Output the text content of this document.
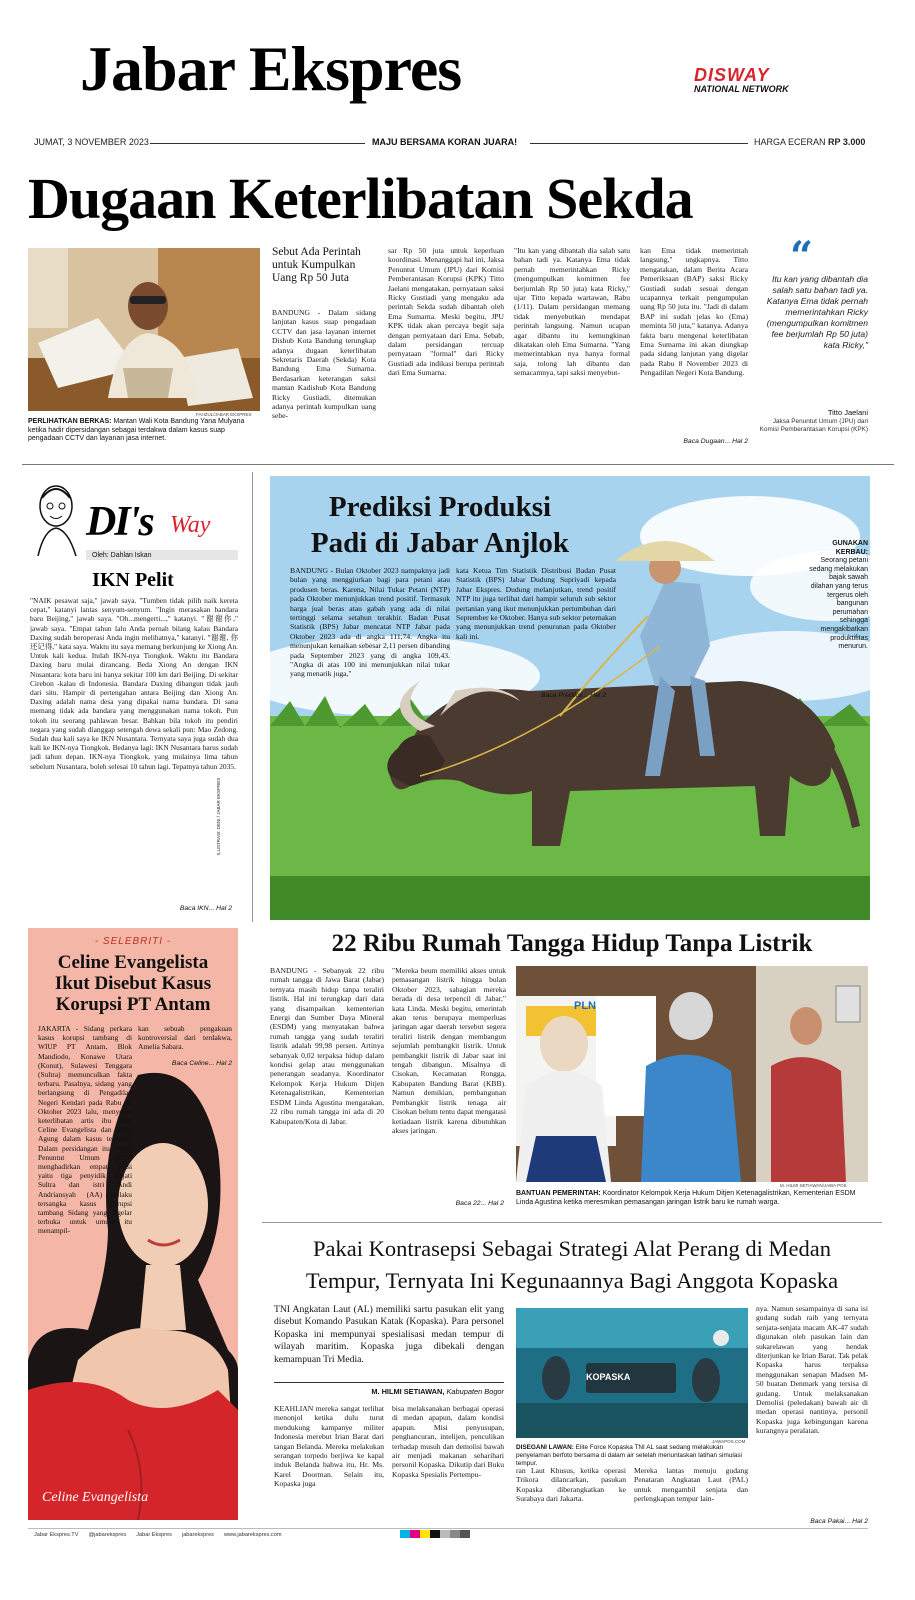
Jabar Ekspres	DISWAY
NATIONAL NETWORK
JUMAT, 3 NOVEMBER 2023	MAJU BERSAMA KORAN JUARA!	HARGA ECERAN RP 3.000
Dugaan Keterlibatan Sekda
FAHZUL/JABAR EKSPRES
PERLIHATKAN BERKAS: Mantan Wali Kota Bandung Yana Mulyana ketika hadir dipersidangan sebagai terdakwa dalam kasus suap pengadaan CCTV dan layanan jasa internet.
Sebut Ada Perintah untuk Kumpulkan Uang Rp 50 Juta
BANDUNG - Dalam sidang lanjutan kasus suap pengadaan CCTV dan jasa layanan internet Dishub Kota Bandung terungkap adanya dugaan keterlibatan Sekretaris Daerah (Sekda) Kota Bandung Ema Sumarna. Berdasarkan keterangan saksi mantan Kadishub Kota Bandung Ricky Gustiadi, ditemukan adanya perintah kumpulkan uang sebe-
sar Rp 50 juta untuk keperluan koordinasi. Menanggapi hal ini, Jaksa Penuntut Umum (JPU) dari Komisi Pemberantasan Korupsi (KPK) Titto Jaelani mengatakan, pernyataan saksi Ricky Gustiadi yang mengaku ada perintah Sekda sudah dibantah oleh Ema Sumarna. Meski begitu, JPU KPK tidak akan percaya begit saja dengan pernyataan dari Ema. Sebab, dalam persidangan tercuap pernyataan "formal" dari Ricky Gustiadi ada indikasi berupa perintah dari Ema Sumarna.
"Itu kan yang dibantah dia salah satu bahan tadi ya. Katanya Ema tidak pernah memerintahkan Ricky (mengumpulkan komitmen fee berjumlah Rp 50 juta) kata Ricky," ujar Titto kepada wartawan, Rabu (1/11). Dalam persidangan memang tidak menyebutkan mendapat perintah langsung. Namun ucapan agar dibantu itu kemungkinan dikatakan oleh Ema Sumarna. "Yang memerintahkan nya hanya formal saja, tolong lah dibantu dan semacamnya, tapi saksi menyebut-
kan Ema tidak memerintah langsung," ungkapnya. Titto mengatakan, dalam Berita Acara Pemeriksaan (BAP) saksi Ricky Gustiadi sudah sesuai dengan ucapannya terkait pengumpulan uang Rp 50 juta itu. "Jadi di dalam BAP ini sudah jelas ko (Ema) meminta 50 juta," katanya. Adanya fakta baru mengenai keterlibatan Ema Sumarna ini akan diungkap pada sidang lanjutan yang digelar pada Rabu 8 November 2023 di Pengadilan Negeri Kota Bandung.
Baca Dugaan... Hal 2
“
Itu kan yang dibantah dia salah satu bahan tadi ya. Katanya Ema tidak pernah memerintahkan Ricky (mengumpulkan komitmen fee berjumlah Rp 50 juta) kata Ricky,"
Titto Jaelani
Jaksa Penuntut Umum (JPU) dari Komisi Pemberantasan Korupsi (KPK)
DI's Way
Oleh: Dahlan Iskan
IKN Pelit
"NAIK pesawat saja," jawab saya. "Tumben tidak pilih naik kereta cepat," katanyi lantas senyum-senyum. "Ingin merasakan bandara baru Beijing," jawab saya. "Oh...mengerti...," katanyi. "谢谢你," jawab saya. "Empat tahun lalu Anda pernah bilang kalau Bandara Daxing sudah beroperasi Anda ingin melihatnya," katanyi. "谢谢, 你还记得," kata saya. Waktu itu saya memang berkunjung ke Xiong An. Untuk kali kedua. Itulah IKN-nya Tiongkok. Waktu itu Bandara Daxing baru mulai dirancang. Beda Xiong An dengan IKN Nusantara: kota baru ini hanya sekitar 100 km dari Beijing. Di sekitar Cirebon -kalau di Indonesia. Bandara Daxing dibangun tidak jauh dari situ. Hampir di pertengahan antara Beijing dan Xiong An. Daxing adalah nama desa yang dipakai nama bandara. Di sana memang tidak ada bandara yang menggunakan nama tokoh. Pun tokoh itu seorang pahlawan besar. Bahkan bila tokoh itu pendiri negara yang sudah dianggap setengah dewa sekali pun: Mao Zedong. Sudah dua kali saya ke IKN Nusantara. Ternyata saya juga sudah dua kali ke IKN-nya Tiongkok. Bedanya lagi: IKN Nusantara harus sudah jadi tahun depan. IKN-nya Tiongkok, yang mulainya lima tahun sebelum Nusantara, boleh selesai 10 tahun lagi. Tepatnya tahun 2035.
Baca IKN... Hal 2
Prediksi Produksi
Padi di Jabar Anjlok
BANDUNG - Bulan Oktober 2023 nampaknya jadi bulan yang menggiurkan bagi para petani atau produsen beras. Karena, Nilai Tukar Petani (NTP) pada Oktober menunjukkan trend positif. Termasuk harga jual beras atau gabah yang ada di nilai tertinggi selama setahun terakhir. Badan Pusat Statistik (BPS) Jabar mencatat NTP Jabar pada Oktober 2023 ada di angka 111,74. Angka itu menunjukan kenaikan sebesar 2,11 persen dibanding pada September 2023 yang di angka 109,43. "Angka di atas 100 ini menunjukkan nilai tukar yang menarik juga,"
kata Ketua Tim Statistik Distribusi Badan Pusat Statistik (BPS) Jabar Dudung Supriyadi kepada Jabar Ekspres. Dudung melanjutkan, trend positif NTP itu juga terlihat dari hampir seluruh sub sektor pertanian yang ikut menunjukkan pertumbuhan dari September ke Oktober. Hanya sub sektor peternakan yang menunjukkan trend penurunan pada Oktober kali ini.
Baca Prediksi... Hal 2
GUNAKAN KERBAU:
Seorang petani sedang melakukan bajak sawah dilahan yang terus tergerus oleh bangunan perumahan sehingga mengakibatkan produktifitas menurun.
ILUSTRASI: DENI / JABAR EKSPRES
- SELEBRITI -
Celine Evangelista Ikut Disebut Kasus Korupsi PT Antam
JAKARTA - Sidang perkara kasus korupsi tambang di WIUP PT Antam, Blok Mandiodo, Konawe Utara (Konut), Sulawesi Tenggara (Sultra) memunculkan fakta terbaru. Pasalnya, sidang yang berlangsung di Pengadilan Negeri Kendari pada Rabu 25 Oktober 2023 lalu, menyebut keterlibatan artis ibu kota Celine Evangelista dan Jaksa Agung dalam kasus tersebut. Dalam persidangan itu, Jaksa Penuntut Umum (JPU) menghadirkan empat saksi yaitu tiga penyidik Kejati Sultra dan istri Andi Andriansyah (AA) selaku tersangka kasus korupsi tambang Sidang yang digelar terbuka untuk umum itu menampil-
kan sebuah pengakuan kontroversial dari terdakwa, Amelia Sabara.
Baca Celine... Hal 2
Celine Evangelista
22 Ribu Rumah Tangga Hidup Tanpa Listrik
BANDUNG - Sebanyak 22 ribu rumah tangga di Jawa Barat (Jabar) ternyata masih hidup tanpa teraliri listrik. Hal ini terungkap dari data yang disampaikan kementerian Energi dan Sumber Daya Mineral (ESDM) yang menyatakan bahwa rumah tangga yang sudah teraliri listrik adalah 99,98 persen. Artinya sebanyak 0,02 terpaksa hidup dalam kondisi gelap atau menggunakan penerangan seadanya. Koordinator Kelompok Kerja Hukum Ditjen Ketenagalistrikan, Kementerian ESDM Linda Agustina mengatakan, 22 ribu rumah tangga ini ada di 20 Kabupaten/Kota di Jabar.
"Mereka beum memiliki akses untuk pemasangan listrik hingga bulan Oktober 2023, sabagian mereka berada di desa terpencil di Jabar," kata Linda. Meski begitu, emerintah akan terus berupaya memperluas jaringan agar daerah tersebut segera teraliri listrik dengan membangun sejumlah pembangkit listrik. Untuk pembangkit listrik di Jabar saat ini tengah dibangun. Misalnya di Cisokan, Kecamatan Rongga, Kabupaten Bandung Barat (KBB). Namun demikian, pembangunan Pembangkit listrik tenaga air Cisokan belum tentu dapat mengatasi ketiadaan listrik karena dibutuhkan akses jaringan.
Baca 22... Hal 2
PLN
M. HILMI SETIAWAN/JAWA POS
BANTUAN PEMERINTAH: Koordinator Kelompok Kerja Hukum Ditjen Ketenagalistrikan, Kementerian ESDM Linda Agustina ketika meresmikan pemasangan jaringan listrik baru ke rumah warga.
Pakai Kontrasepsi Sebagai Strategi Alat Perang di Medan
Tempur, Ternyata Ini Kegunaannya Bagi Anggota Kopaska
TNI Angkatan Laut (AL) memiliki sartu pasukan elit yang disebut Komando Pasukan Katak (Kopaska). Para personel Kopaska ini mempunyai spesialisasi medan tempur di wilayah maritim. Kopaska juga dibekali dengan kemampuan Tri Media.
M. HILMI SETIAWAN, Kabupaten Bogor
KEAHLIAN mereka sangat terlihat menonjol ketika dulu turut mendukung kampanye militer Indonesia merebut Irian Barat dari tangan Belanda. Mereka melakukan serangan torpedo berjiwa ke kapal induk Belanda bahwa itu, Hr. Ms. Karel Doorman. Selain itu, Kopaska juga
bisa melaksanakan berbagai operasi di medan apapun, dalam kondisi apapun. Misi penyusupan, penghancuran, intelijen, penculikan terhadap musuh dan demolisi bawah air menjadi makanan seharihari personil Kopaska. Dikutip dari Buku Kopaska Spesialis Pertempu-
KOPASKA
JAWAPOS.COM
DISEGANI LAWAN: Elite Force Kopaska TNI AL saat sedang melakukan penyelaman berfoto bersama di dalam air setelah menuntaskan latihan simulasi tempur.
ran Laut Khusus, ketika operasi Trikora dilancarkan, pasukan Kopaska diberangkatkan ke Surabaya dari Jakarta.
Mereka lantas menuju gudang Penataran Angkatan Laut (PAL) untuk mengambil senjata dan perlengkapan tempur lain-
nya. Namun sesampainya di sana isi gudang sudah raib yang ternyata senjata-senjata macam AK-47 sudah digunakan oleh pasukan lain dan sukarelawan yang hendak diterjunkan ke Irian Barat. Tak pelak Kopaska harus terpaksa menggunakan senapan Madsen M-50 buatan Denmark yang tersisa di gudang. Untuk melaksanakan Demolisi (peledakan) bawah air di medan operasi nantinya, personil Kopaska juga kebingungan karena kurangnya peralatan.
Baca Pakai... Hal 2
Jabar Ekspres.TV @jabarekspres Jabar Ekspres jabarekspres www.jabarekspres.com
